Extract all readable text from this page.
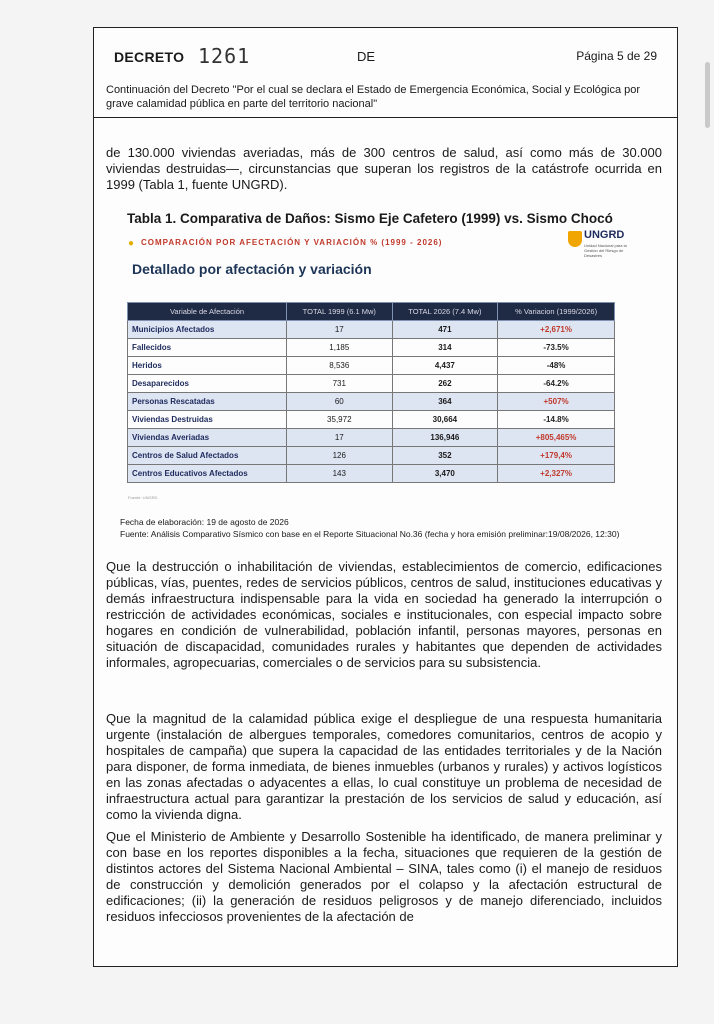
DECRETO 1261	DE	Página 5 de 29
Continuación del Decreto "Por el cual se declara el Estado de Emergencia Económica, Social y Ecológica por grave calamidad pública en parte del territorio nacional"
de 130.000 viviendas averiadas, más de 300 centros de salud, así como más de 30.000 viviendas destruidas—, circunstancias que superan los registros de la catástrofe ocurrida en 1999 (Tabla 1, fuente UNGRD).
Tabla 1. Comparativa de Daños: Sismo Eje Cafetero (1999) vs. Sismo Chocó
● COMPARACIÓN POR AFECTACIÓN Y VARIACIÓN % (1999 - 2026)
UNGRD
Unidad Nacional para la Gestión del Riesgo de Desastres
Detallado por afectación y variación
Variable de Afectación	TOTAL 1999 (6.1 Mw)	TOTAL 2026 (7.4 Mw)	% Variacion (1999/2026)
Municipios Afectados	17	471	+2,671%
Fallecidos	1,185	314	-73.5%
Heridos	8,536	4,437	-48%
Desaparecidos	731	262	-64.2%
Personas Rescatadas	60	364	+507%
Viviendas Destruidas	35,972	30,664	-14.8%
Viviendas Averiadas	17	136,946	+805,465%
Centros de Salud Afectados	126	352	+179,4%
Centros Educativos Afectados	143	3,470	+2,327%
Fuente: UNGRD
Fecha de elaboración: 19 de agosto de 2026
Fuente: Análisis Comparativo Sísmico con base en el Reporte Situacional No.36 (fecha y hora emisión preliminar:19/08/2026, 12:30)
Que la destrucción o inhabilitación de viviendas, establecimientos de comercio, edificaciones públicas, vías, puentes, redes de servicios públicos, centros de salud, instituciones educativas y demás infraestructura indispensable para la vida en sociedad ha generado la interrupción o restricción de actividades económicas, sociales e institucionales, con especial impacto sobre hogares en condición de vulnerabilidad, población infantil, personas mayores, personas en situación de discapacidad, comunidades rurales y habitantes que dependen de actividades informales, agropecuarias, comerciales o de servicios para su subsistencia.
Que la magnitud de la calamidad pública exige el despliegue de una respuesta humanitaria urgente (instalación de albergues temporales, comedores comunitarios, centros de acopio y hospitales de campaña) que supera la capacidad de las entidades territoriales y de la Nación para disponer, de forma inmediata, de bienes inmuebles (urbanos y rurales) y activos logísticos en las zonas afectadas o adyacentes a ellas, lo cual constituye un problema de necesidad de infraestructura actual para garantizar la prestación de los servicios de salud y educación, así como la vivienda digna.
Que el Ministerio de Ambiente y Desarrollo Sostenible ha identificado, de manera preliminar y con base en los reportes disponibles a la fecha, situaciones que requieren de la gestión de distintos actores del Sistema Nacional Ambiental – SINA, tales como (i) el manejo de residuos de construcción y demolición generados por el colapso y la afectación estructural de edificaciones; (ii) la generación de residuos peligrosos y de manejo diferenciado, incluidos residuos infecciosos provenientes de la afectación de
